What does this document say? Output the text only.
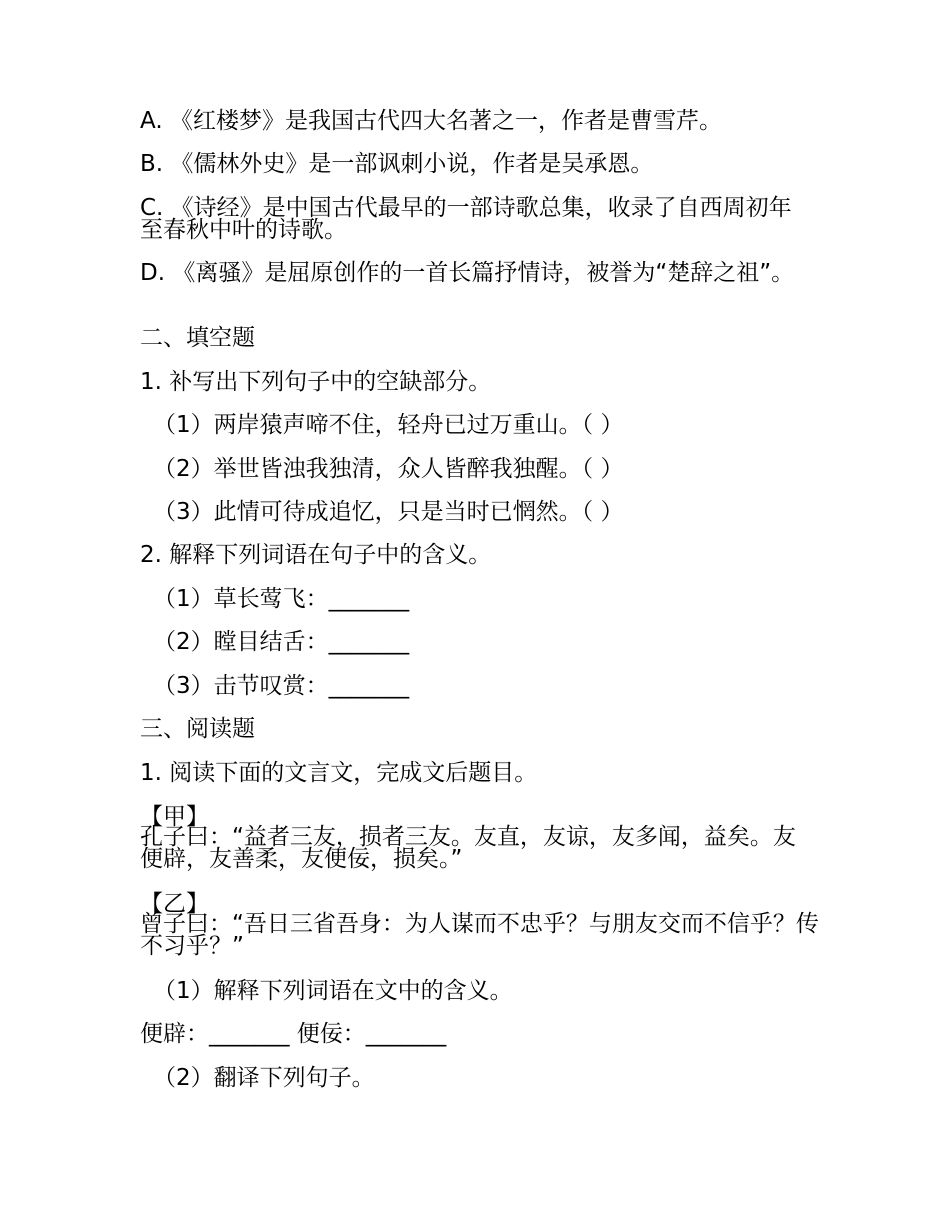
A. 《红楼梦》是我国古代四大名著之一，作者是曹雪芹。
B. 《儒林外史》是一部讽刺小说，作者是吴承恩。
C. 《诗经》是中国古代最早的一部诗歌总集，收录了自西周初年至春秋中叶的诗歌。
D. 《离骚》是屈原创作的一首长篇抒情诗，被誉为“楚辞之祖”。
二、填空题
1. 补写出下列句子中的空缺部分。
（1）两岸猿声啼不住，轻舟已过万重山。（ ）
（2）举世皆浊我独清，众人皆醉我独醒。（ ）
（3）此情可待成追忆，只是当时已惘然。（ ）
2. 解释下列词语在句子中的含义。
（1）草长莺飞：_______
（2）瞠目结舌：_______
（3）击节叹赏：_______
三、阅读题
1. 阅读下面的文言文，完成文后题目。
【甲】
孔子曰：“益者三友，损者三友。友直，友谅，友多闻，益矣。友便辟，友善柔，友便佞，损矣。”
【乙】
曾子曰：“吾日三省吾身：为人谋而不忠乎？与朋友交而不信乎？传不习乎？”
（1）解释下列词语在文中的含义。
便辟：_______ 便佞：_______
（2）翻译下列句子。
